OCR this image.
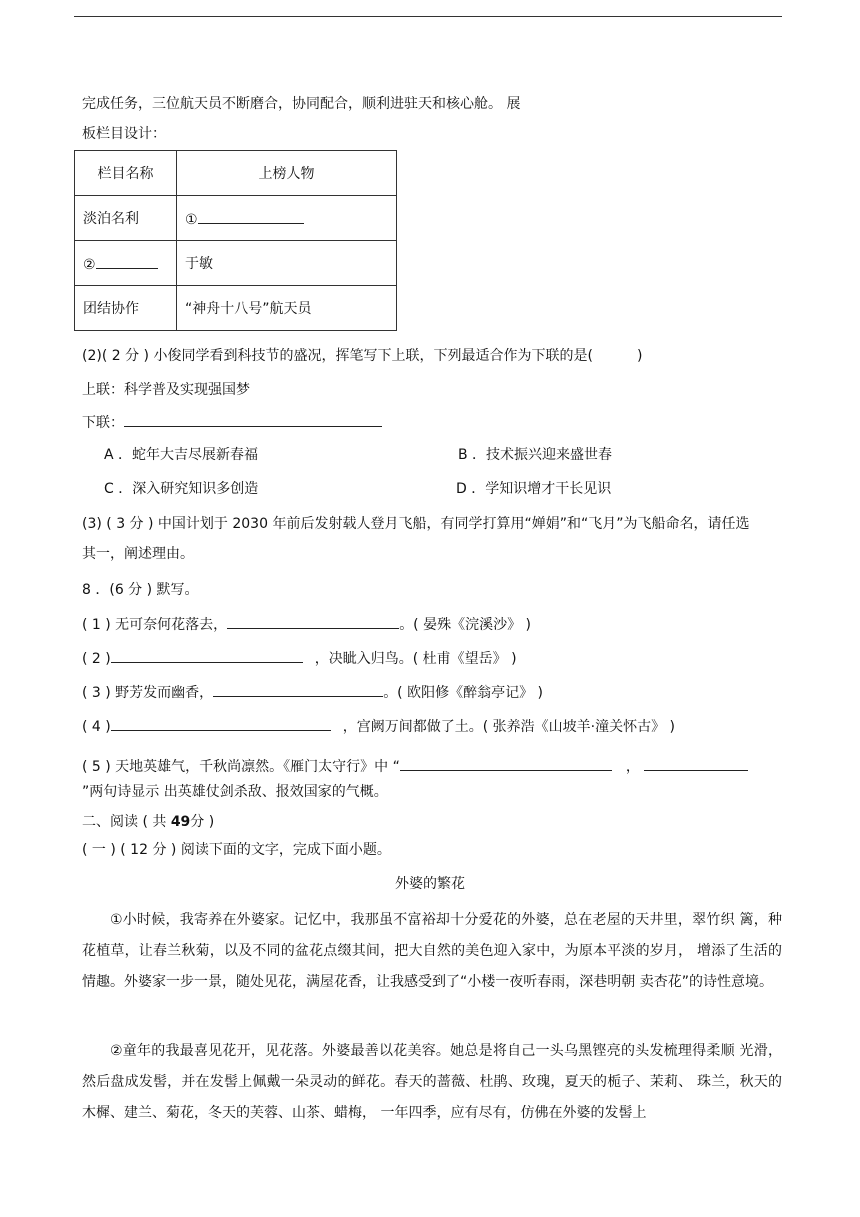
完成任务，三位航天员不断磨合，协同配合，顺利进驻天和核心舱。 展
板栏目设计：
栏目名称	上榜人物
淡泊名利	①
②	于敏
团结协作	“神舟十八号”航天员
(2)( 2 分 ) 小俊同学看到科技节的盛况，挥笔写下上联，下列最适合作为下联的是(	)
上联：科学普及实现强国梦
下联：
A ．蛇年大吉尽展新春福	B ．技术振兴迎来盛世春
C ．深入研究知识多创造	D ．学知识增才干长见识
(3) ( 3 分 ) 中国计划于 2030 年前后发射载人登月飞船，有同学打算用“婵娟”和“飞月”为飞船命名，请任选
其一，阐述理由。
8 ．(6 分 ) 默写。
( 1 ) 无可奈何花落去，	。( 晏殊《浣溪沙》 )
( 2 )	，决眦入归鸟。( 杜甫《望岳》 )
( 3 ) 野芳发而幽香，	。( 欧阳修《醉翁亭记》 )
( 4 )	，宫阙万间都做了土。( 张养浩《山坡羊·潼关怀古》 )
( 5 ) 天地英雄气，千秋尚凛然。《雁门太守行》中 “	，
”两句诗显示 出英雄仗剑杀敌、报效国家的气概。
二、阅读 ( 共 49分 )
( 一 ) ( 12 分 ) 阅读下面的文字，完成下面小题。
外婆的繁花
①小时候，我寄养在外婆家。记忆中，我那虽不富裕却十分爱花的外婆，总在老屋的天井里，翠竹织 篱，种花植草，让春兰秋菊，以及不同的盆花点缀其间，把大自然的美色迎入家中，为原本平淡的岁月， 增添了生活的情趣。外婆家一步一景，随处见花，满屋花香，让我感受到了“小楼一夜听春雨，深巷明朝 卖杏花”的诗性意境。
②童年的我最喜见花开，见花落。外婆最善以花美容。她总是将自己一头乌黑铿亮的头发梳理得柔顺 光滑，然后盘成发髻，并在发髻上佩戴一朵灵动的鲜花。春天的蔷薇、杜鹃、玫瑰，夏天的栀子、茉莉、 珠兰，秋天的木樨、建兰、菊花，冬天的芙蓉、山茶、蜡梅， 一年四季，应有尽有，仿佛在外婆的发髻上
